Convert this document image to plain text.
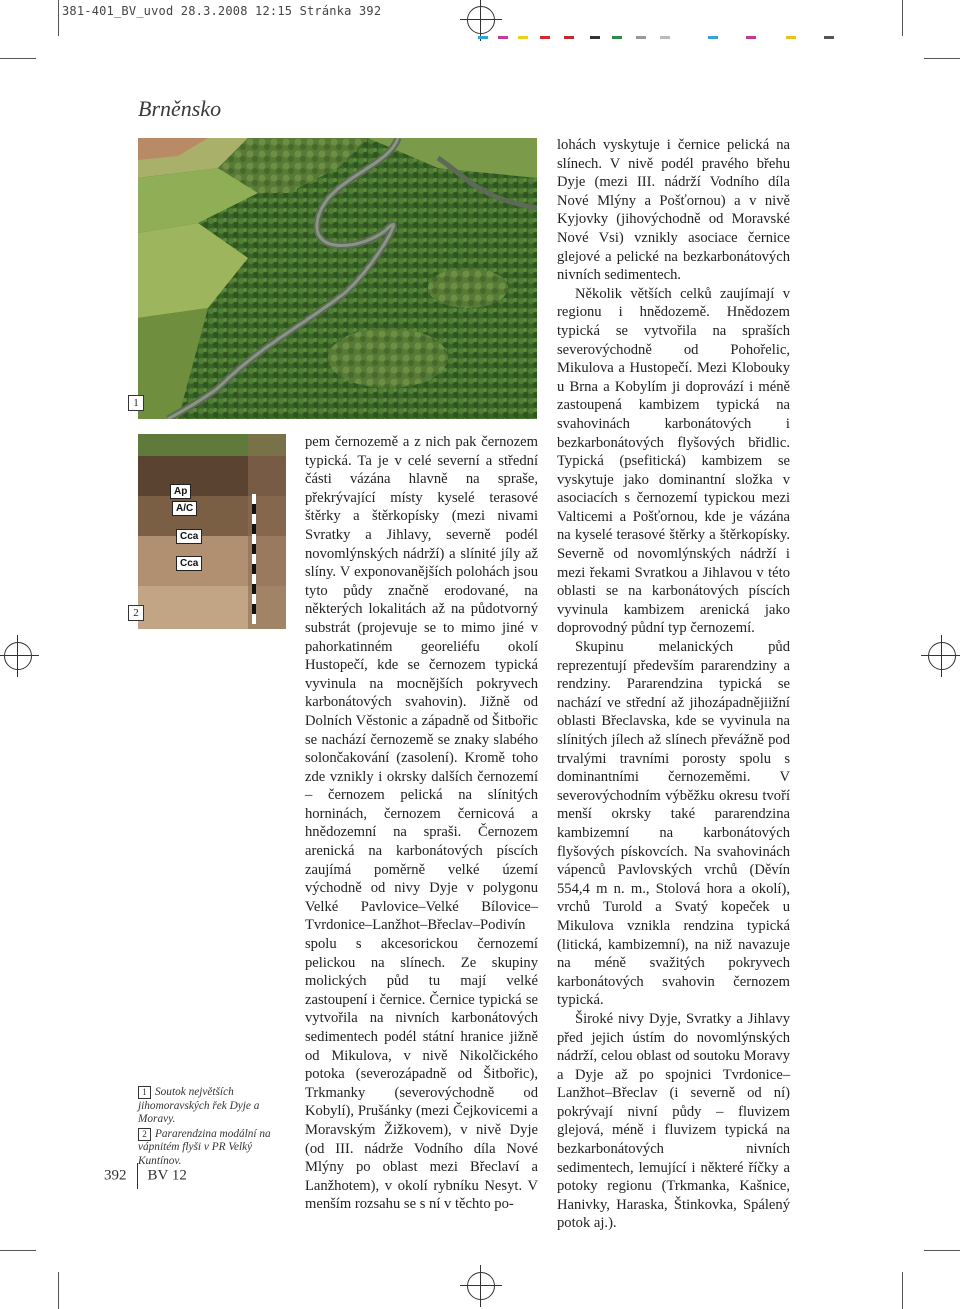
381-401_BV_uvod 28.3.2008 12:15 Stránka 392
Brněnsko
1
Ap
A/C
Cca
Cca
2
1 Soutok největších jihomoravských řek Dyje a Moravy.
2 Pararendzina modální na vápnitém flyši v PR Velký Kuntínov.

pem černozemě a z nich pak černozem typická. Ta je v celé severní a střední části vázána hlavně na spraše, překrývající místy kyselé terasové štěrky a štěrkopísky (mezi nivami Svratky a Jihlavy, severně podél novomlýnských nádrží) a slínité jíly až slíny. V exponovanějších polohách jsou tyto půdy značně erodované, na některých lokalitách až na půdotvorný substrát (projevuje se to mimo jiné v pahorkatinném georeliéfu okolí Hustopečí, kde se černozem typická vyvinula na mocnějších pokryvech karbonátových svahovin). Jižně od Dolních Věstonic a západně od Šitbořic se nachází černozemě se znaky slabého solončakování (zasolení). Kromě toho zde vznikly i okrsky dalších černozemí – černozem pelická na slínitých horninách, černozem černicová a hnědozemní na spraši. Černozem arenická na karbonátových píscích zaujímá poměrně velké území východně od nivy Dyje v polygonu Velké Pavlovice–Velké Bílovice–Tvrdonice–Lanžhot–Břeclav–Podivín spolu s akcesorickou černozemí pelickou na slínech. Ze skupiny molických půd tu mají velké zastoupení i černice. Černice typická se vytvořila na nivních karbonátových sedimentech podél státní hranice jižně od Mikulova, v nivě Nikolčického potoka (severozápadně od Šitbořic), Trkmanky (severovýchodně od Kobylí), Prušánky (mezi Čejkovicemi a Moravským Žižkovem), v nivě Dyje (od III. nádrže Vodního díla Nové Mlýny po oblast mezi Břeclaví a Lanžhotem), v okolí rybníku Nesyt. V menším rozsahu se s ní v těchto po-

lohách vyskytuje i černice pelická na slínech. V nivě podél pravého břehu Dyje (mezi III. nádrží Vodního díla Nové Mlýny a Pošťornou) a v nivě Kyjovky (jihovýchodně od Moravské Nové Vsi) vznikly asociace černice glejové a pelické na bezkarbonátových nivních sedimentech.

Několik větších celků zaujímají v regionu i hnědozemě. Hnědozem typická se vytvořila na spraších severovýchodně od Pohořelic, Mikulova a Hustopečí. Mezi Klobouky u Brna a Kobylím ji doprovází i méně zastoupená kambizem typická na svahovinách karbonátových i bezkarbonátových flyšových břidlic. Typická (psefitická) kambizem se vyskytuje jako dominantní složka v asociacích s černozemí typickou mezi Valticemi a Pošťornou, kde je vázána na kyselé terasové štěrky a štěrkopísky. Severně od novomlýnských nádrží i mezi řekami Svratkou a Jihlavou v této oblasti se na karbonátových píscích vyvinula kambizem arenická jako doprovodný půdní typ černozemí.

Skupinu melanických půd reprezentují především pararendziny a rendziny. Pararendzina typická se nachází ve střední až jihozápadnějiižní oblasti Břeclavska, kde se vyvinula na slínitých jílech až slínech převážně pod trvalými travními porosty spolu s dominantními černozeměmi. V severovýchodním výběžku okresu tvoří menší okrsky také pararendzina kambizemní na karbonátových flyšových pískovcích. Na svahovinách vápenců Pavlovských vrchů (Děvín 554,4 m n. m., Stolová hora a okolí), vrchů Turold a Svatý kopeček u Mikulova vznikla rendzina typická (litická, kambizemní), na niž navazuje na méně svažitých pokryvech karbonátových svahovin černozem typická.

Široké nivy Dyje, Svratky a Jihlavy před jejich ústím do novomlýnských nádrží, celou oblast od soutoku Moravy a Dyje až po spojnici Tvrdonice–Lanžhot–Břeclav (i severně od ní) pokrývají nivní půdy – fluvizem glejová, méně i fluvizem typická na bezkarbonátových nivních sedimentech, lemující i některé říčky a potoky regionu (Trkmanka, Kašnice, Hanivky, Haraska, Štinkovka, Spálený potok aj.).

392 BV 12
